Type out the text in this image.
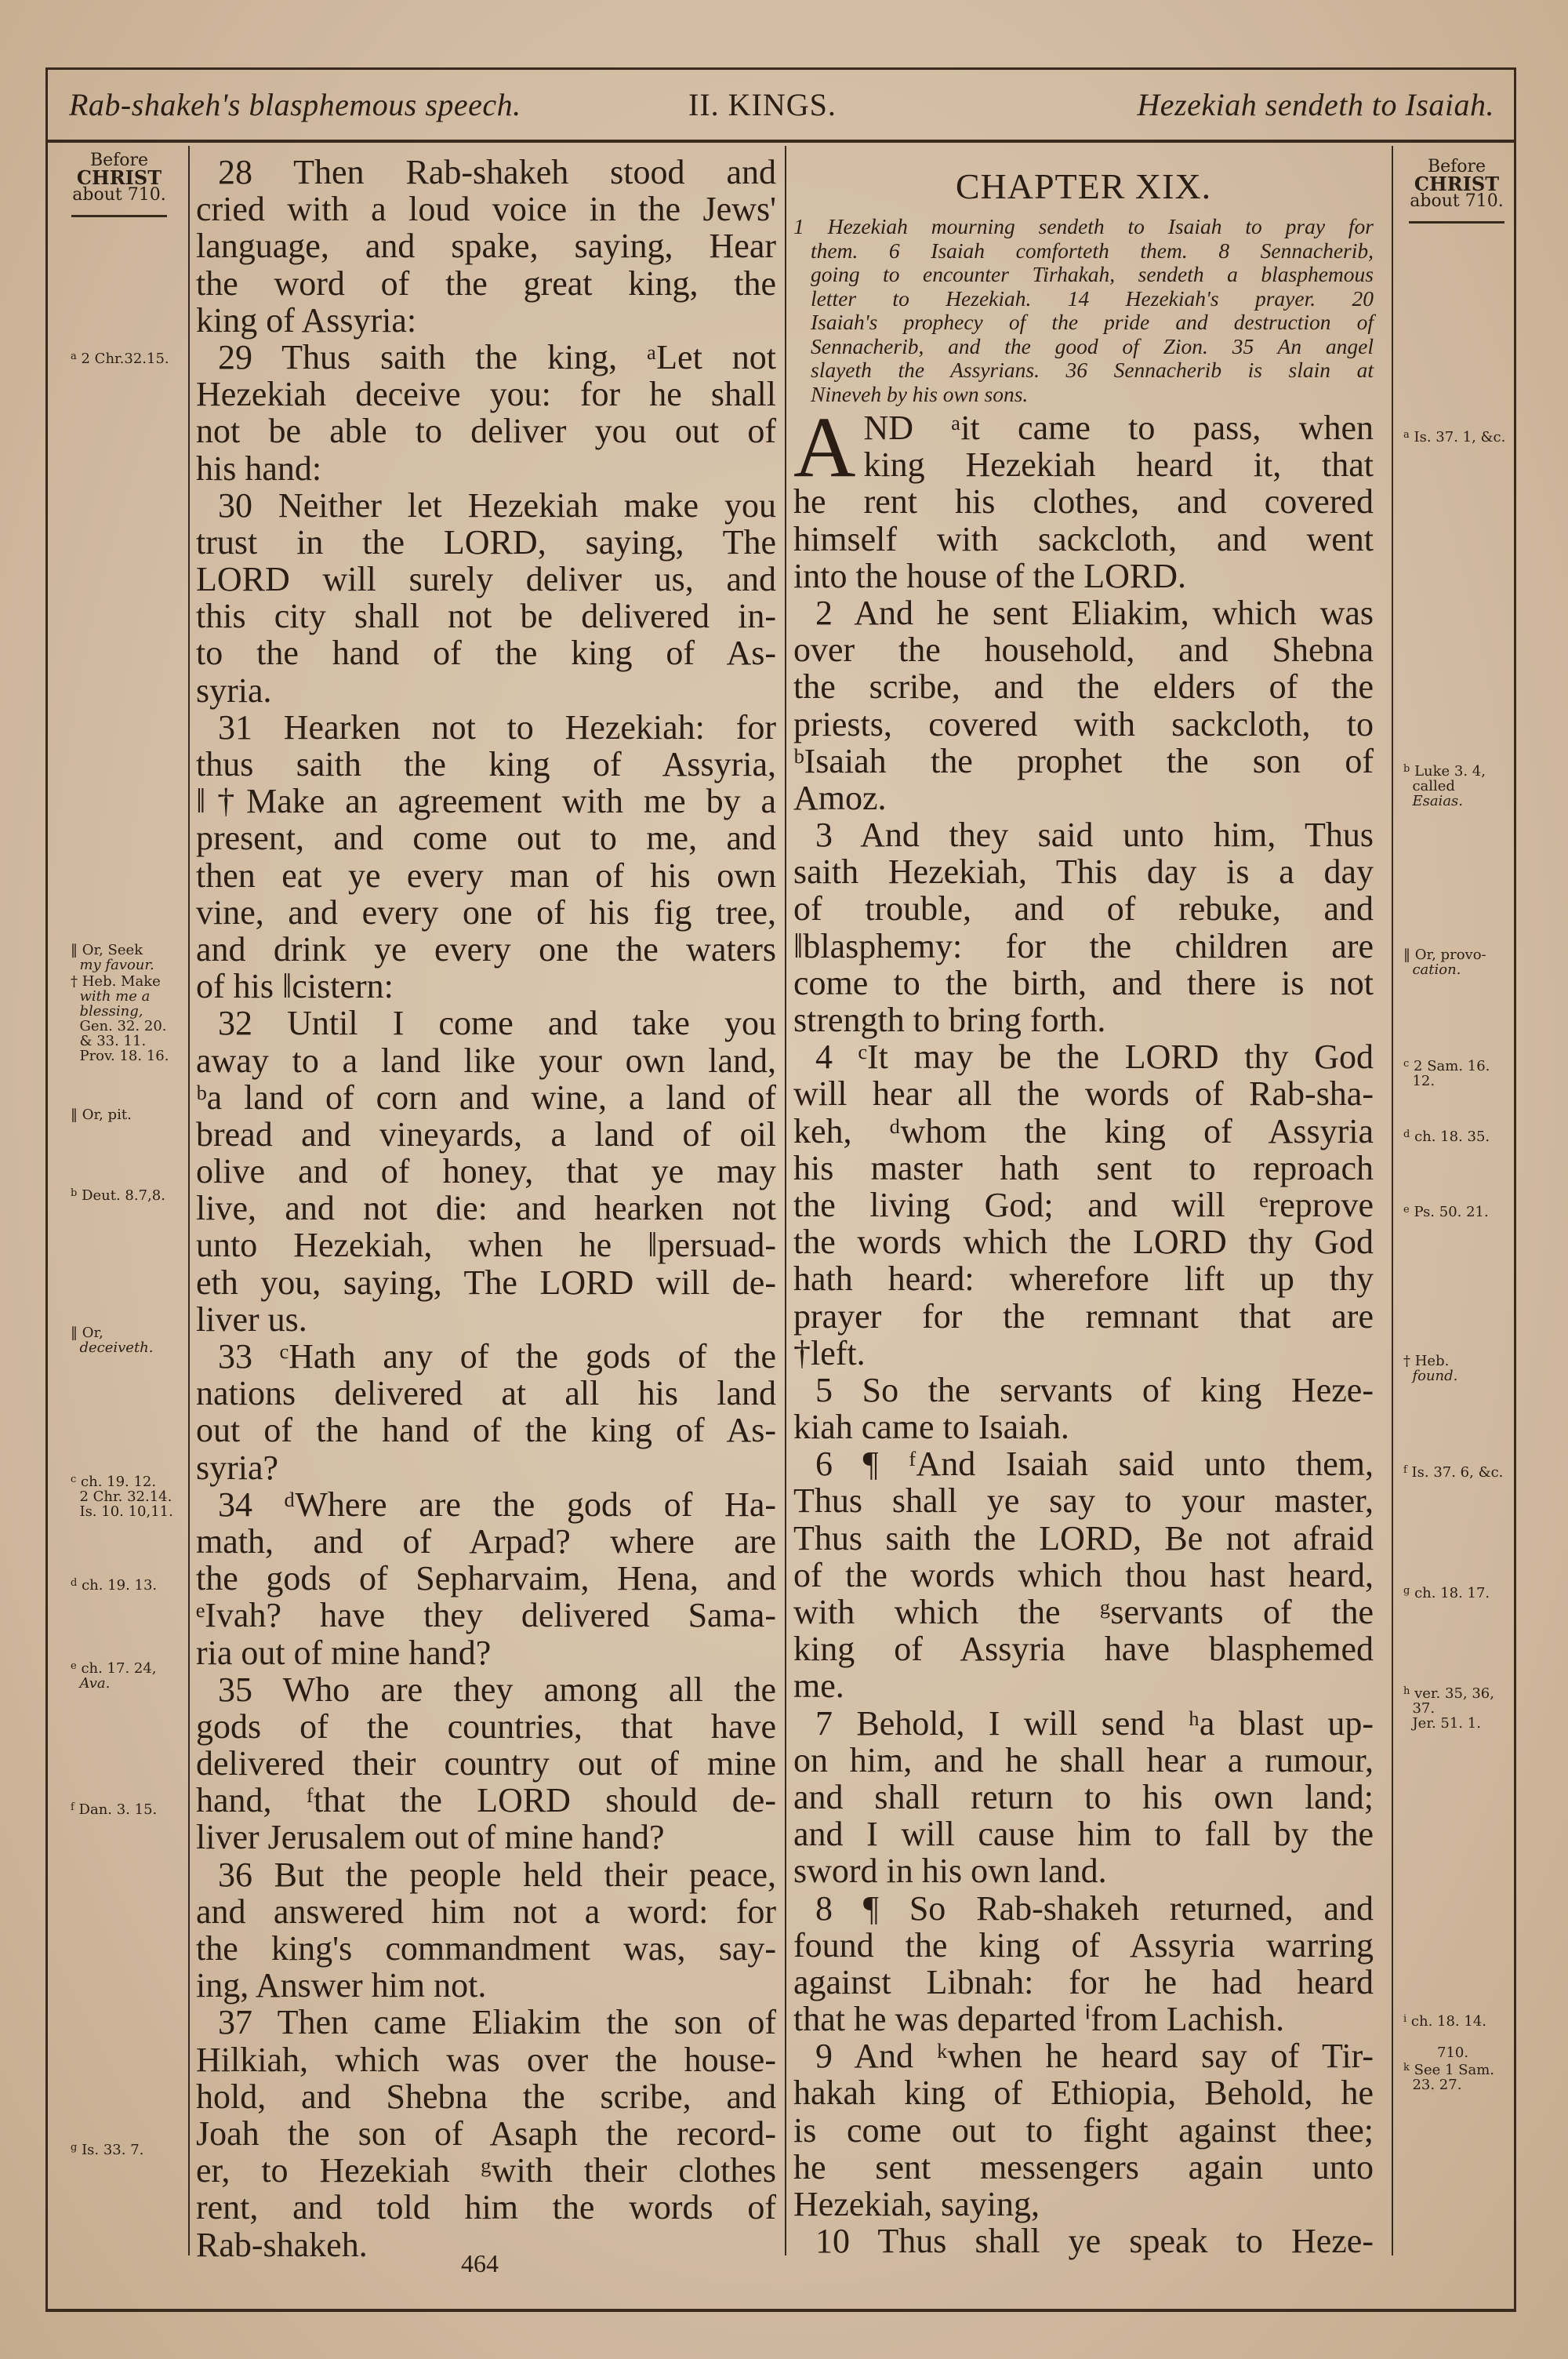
Rab-shakeh's blasphemous speech.	II. KINGS.	Hezekiah sendeth to Isaiah.
Before
CHRIST
about 710.
$^a$ 2 Chr.32.15.
‖ Or, Seek
my favour.
† Heb. Make
with me a
blessing,
Gen. 32. 20.
& 33. 11.
Prov. 18. 16.
‖ Or, pit.
$^b$ Deut. 8.7,8.
‖ Or,
deceiveth.
$^c$ ch. 19. 12.
2 Chr. 32.14.
Is. 10. 10,11.
$^d$ ch. 19. 13.
$^e$ ch. 17. 24,
Ava.
$^f$ Dan. 3. 15.
$^g$ Is. 33. 7.
28 Then Rab-shakeh stood and
cried with a loud voice in the Jews'
language, and spake, saying, Hear
the word of the great king, the
king of Assyria:
29 Thus saith the king, ᵃLet not
Hezekiah deceive you: for he shall
not be able to deliver you out of
his hand:
30 Neither let Hezekiah make you
trust in the LORD, saying, The
LORD will surely deliver us, and
this city shall not be delivered in-
to the hand of the king of As-
syria.
31 Hearken not to Hezekiah: for
thus saith the king of Assyria,
‖†Make an agreement with me by a
present, and come out to me, and
then eat ye every man of his own
vine, and every one of his fig tree,
and drink ye every one the waters
of his ‖cistern:
32 Until I come and take you
away to a land like your own land,
ᵇa land of corn and wine, a land of
bread and vineyards, a land of oil
olive and of honey, that ye may
live, and not die: and hearken not
unto Hezekiah, when he ‖persuad-
eth you, saying, The LORD will de-
liver us.
33 ᶜHath any of the gods of the
nations delivered at all his land
out of the hand of the king of As-
syria?
34 ᵈWhere are the gods of Ha-
math, and of Arpad? where are
the gods of Sepharvaim, Hena, and
ᵉIvah? have they delivered Sama-
ria out of mine hand?
35 Who are they among all the
gods of the countries, that have
delivered their country out of mine
hand, ᶠthat the LORD should de-
liver Jerusalem out of mine hand?
36 But the people held their peace,
and answered him not a word: for
the king's commandment was, say-
ing, Answer him not.
37 Then came Eliakim the son of
Hilkiah, which was over the house-
hold, and Shebna the scribe, and
Joah the son of Asaph the record-
er, to Hezekiah ᵍwith their clothes
rent, and told him the words of
Rab-shakeh.
CHAPTER XIX.
1 Hezekiah mourning sendeth to Isaiah to pray for
them. 6 Isaiah comforteth them. 8 Sennacherib,
going to encounter Tirhakah, sendeth a blasphemous
letter to Hezekiah. 14 Hezekiah's prayer. 20
Isaiah's prophecy of the pride and destruction of
Sennacherib, and the good of Zion. 35 An angel
slayeth the Assyrians. 36 Sennacherib is slain at
Nineveh by his own sons.
A ND ᵃit came to pass, when
king Hezekiah heard it, that
he rent his clothes, and covered
himself with sackcloth, and went
into the house of the LORD.
2 And he sent Eliakim, which was
over the household, and Shebna
the scribe, and the elders of the
priests, covered with sackcloth, to
ᵇIsaiah the prophet the son of
Amoz.
3 And they said unto him, Thus
saith Hezekiah, This day is a day
of trouble, and of rebuke, and
‖blasphemy: for the children are
come to the birth, and there is not
strength to bring forth.
4 ᶜIt may be the LORD thy God
will hear all the words of Rab-sha-
keh, ᵈwhom the king of Assyria
his master hath sent to reproach
the living God; and will ᵉreprove
the words which the LORD thy God
hath heard: wherefore lift up thy
prayer for the remnant that are
†left.
5 So the servants of king Heze-
kiah came to Isaiah.
6 ¶ ᶠAnd Isaiah said unto them,
Thus shall ye say to your master,
Thus saith the LORD, Be not afraid
of the words which thou hast heard,
with which the ᵍservants of the
king of Assyria have blasphemed
me.
7 Behold, I will send ʰa blast up-
on him, and he shall hear a rumour,
and shall return to his own land;
and I will cause him to fall by the
sword in his own land.
8 ¶ So Rab-shakeh returned, and
found the king of Assyria warring
against Libnah: for he had heard
that he was departed ⁱfrom Lachish.
9 And ᵏwhen he heard say of Tir-
hakah king of Ethiopia, Behold, he
is come out to fight against thee;
he sent messengers again unto
Hezekiah, saying,
10 Thus shall ye speak to Heze-
Before
CHRIST
about 710.
$^a$ Is. 37. 1, &c.
$^b$ Luke 3. 4,
called
Esaias.
‖ Or, provo-
cation.
$^c$ 2 Sam. 16.
12.
$^d$ ch. 18. 35.
$^e$ Ps. 50. 21.
† Heb.
found.
$^f$ Is. 37. 6, &c.
$^g$ ch. 18. 17.
$^h$ ver. 35, 36,
37.
Jer. 51. 1.
$^i$ ch. 18. 14.
710.
$^k$ See 1 Sam.
23. 27.
464
